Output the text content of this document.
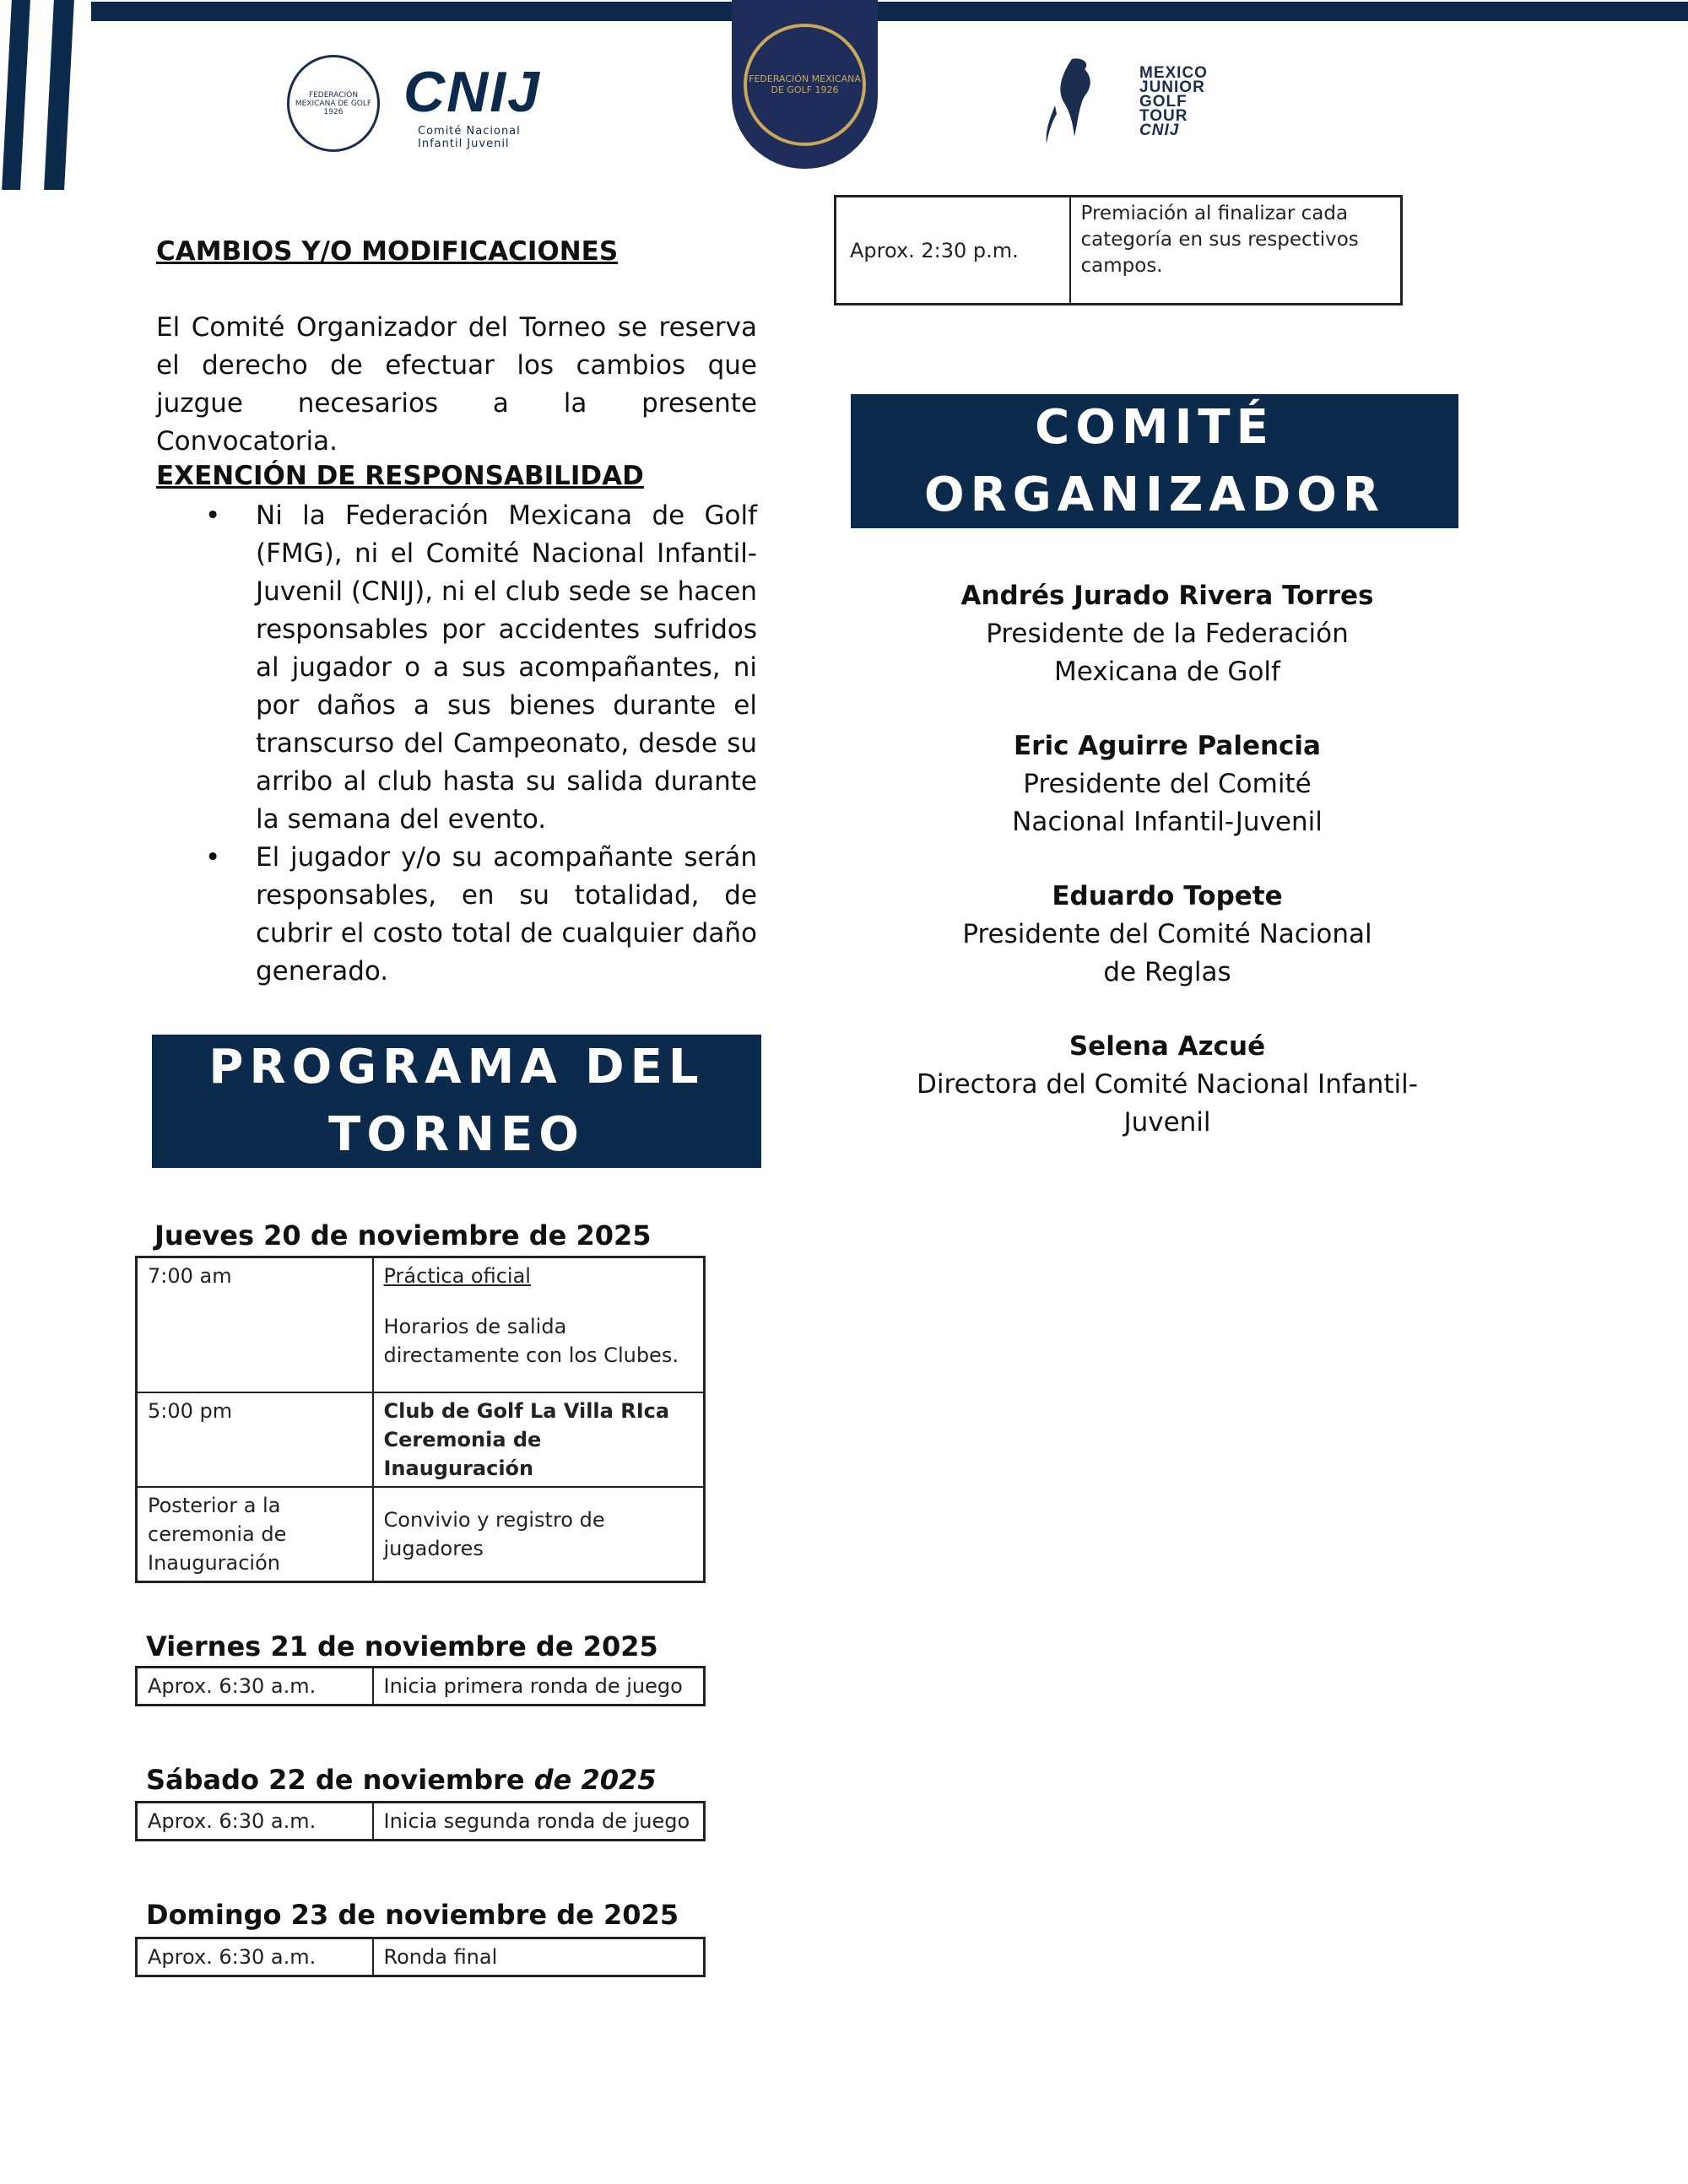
FEDERACIÓN MEXICANA DE GOLF 1926	CNIJ
Comité Nacional
Infantil Juvenil
FEDERACIÓN MEXICANA DE GOLF 1926
MEXICO
JUNIOR
GOLF
TOUR
CNIJ
CAMBIOS Y/O MODIFICACIONES
El Comité Organizador del Torneo se reserva el derecho de efectuar los cambios que juzgue necesarios a la presente Convocatoria.
EXENCIÓN DE RESPONSABILIDAD
• Ni la Federación Mexicana de Golf (FMG), ni el Comité Nacional Infantil-Juvenil (CNIJ), ni el club sede se hacen responsables por accidentes sufridos al jugador o a sus acompañantes, ni por daños a sus bienes durante el transcurso del Campeonato, desde su arribo al club hasta su salida durante la semana del evento.
• El jugador y/o su acompañante serán responsables, en su totalidad, de cubrir el costo total de cualquier daño generado.
PROGRAMA DEL
TORNEO
Jueves 20 de noviembre de 2025
7:00 am	Práctica oficial
Horarios de salida directamente con los Clubes.

5:00 pm	Club de Golf La Villa RIca
Ceremonia de Inauguración

Posterior a la ceremonia de Inauguración	Convivio y registro de jugadores
Viernes 21 de noviembre de 2025
Aprox. 6:30 a.m.	Inicia primera ronda de juego
Sábado 22 de noviembre de 2025
Aprox. 6:30 a.m.	Inicia segunda ronda de juego
Domingo 23 de noviembre de 2025
Aprox. 6:30 a.m.	Ronda final
Aprox. 2:30 p.m.	Premiación al finalizar cada categoría en sus respectivos campos.
COMITÉ
ORGANIZADOR
Andrés Jurado Rivera Torres
Presidente de la Federación Mexicana de Golf
Eric Aguirre Palencia
Presidente del Comité Nacional Infantil-Juvenil
Eduardo Topete
Presidente del Comité Nacional de Reglas
Selena Azcué
Directora del Comité Nacional Infantil-Juvenil
